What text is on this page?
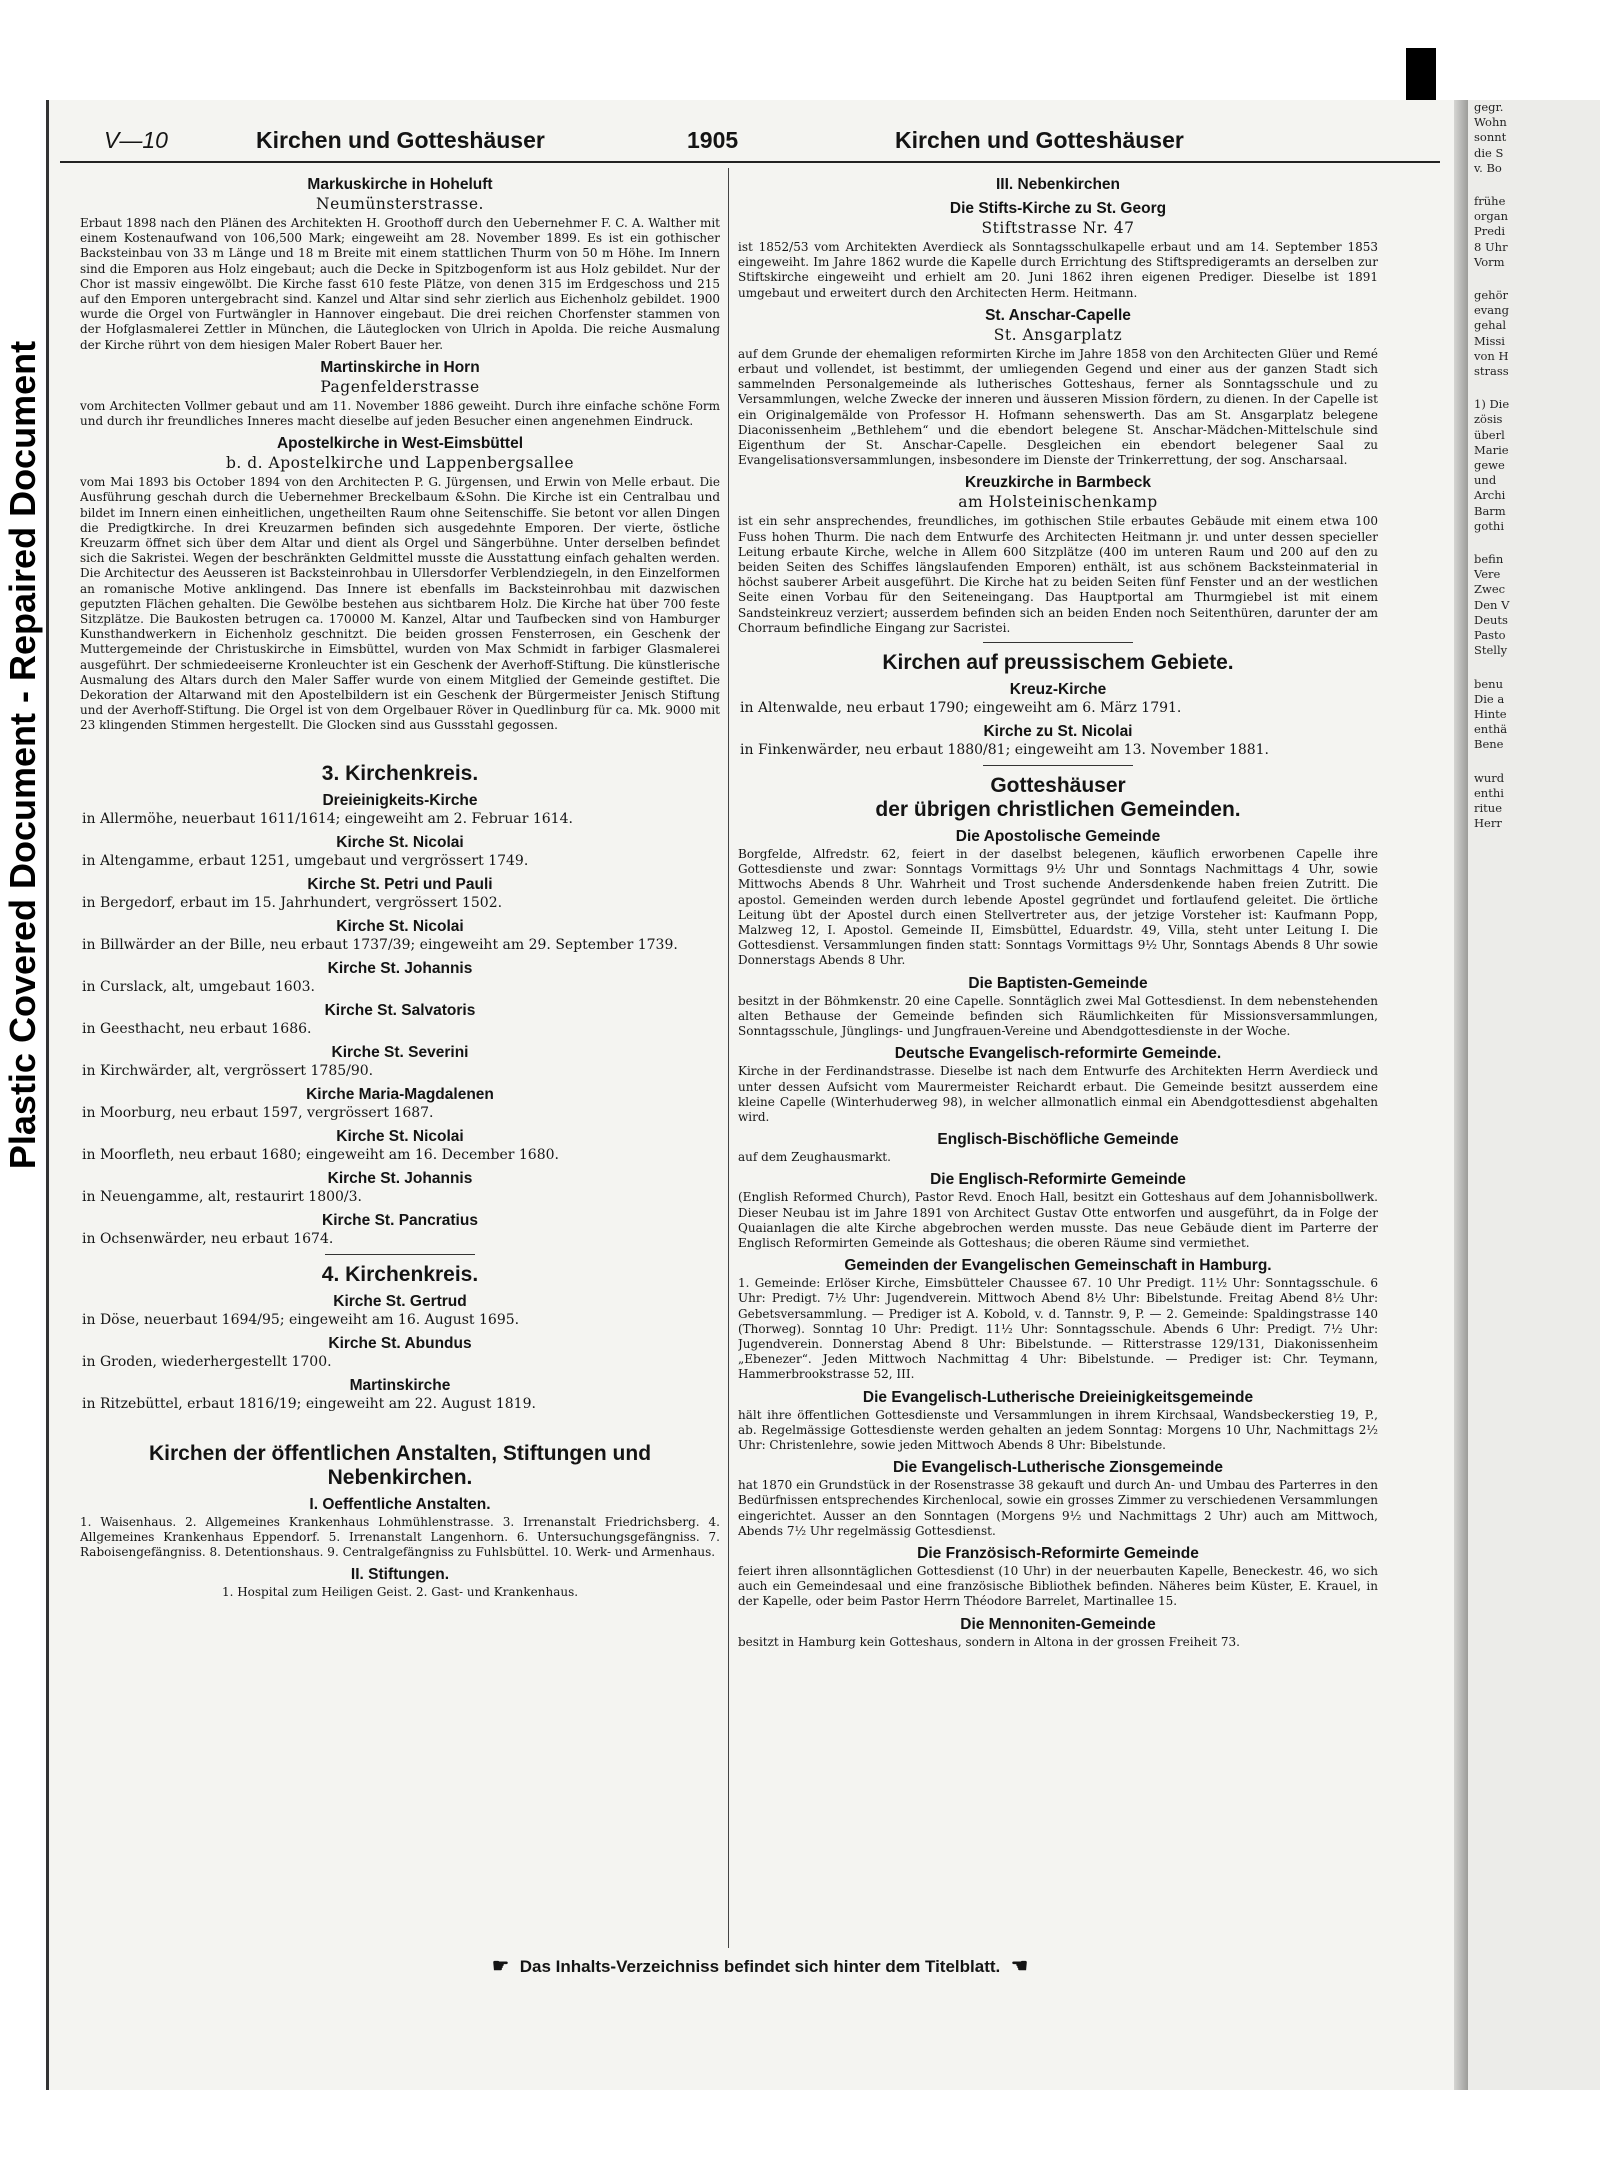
Plastic Covered Document - Repaired Document
gegr.
Wohn
sonnt
die S
v. Bo
frühe
organ
Predi
8 Uhr
Vorm
gehör
evang
gehal
Missi
von H
strass
1) Die
zösis
überl
Marie
gewe
und
Archi
Barm
gothi
befin
Vere
Zwec
Den V
Deuts
Pasto
Stelly
benu
Die a
Hinte
enthä
Bene
wurd
enthi
ritue
Herr
V—10	Kirchen und Gotteshäuser	1905	Kirchen und Gotteshäuser
Markuskirche in Hoheluft
Neumünsterstrasse.

Erbaut 1898 nach den Plänen des Architekten H. Groothoff durch den Uebernehmer F. C. A. Walther mit einem Kostenaufwand von 106,500 Mark; eingeweiht am 28. November 1899. Es ist ein gothischer Backsteinbau von 33 m Länge und 18 m Breite mit einem stattlichen Thurm von 50 m Höhe. Im Innern sind die Emporen aus Holz eingebaut; auch die Decke in Spitzbogenform ist aus Holz gebildet. Nur der Chor ist massiv eingewölbt. Die Kirche fasst 610 feste Plätze, von denen 315 im Erdgeschoss und 215 auf den Emporen untergebracht sind. Kanzel und Altar sind sehr zierlich aus Eichenholz gebildet. 1900 wurde die Orgel von Furtwängler in Hannover eingebaut. Die drei reichen Chorfenster stammen von der Hofglasmalerei Zettler in München, die Läuteglocken von Ulrich in Apolda. Die reiche Ausmalung der Kirche rührt von dem hiesigen Maler Robert Bauer her.

Martinskirche in Horn
Pagenfelderstrasse

vom Architecten Vollmer gebaut und am 11. November 1886 geweiht. Durch ihre einfache schöne Form und durch ihr freundliches Inneres macht dieselbe auf jeden Besucher einen angenehmen Eindruck.

Apostelkirche in West-Eimsbüttel
b. d. Apostelkirche und Lappenbergsallee

vom Mai 1893 bis October 1894 von den Architecten P. G. Jürgensen, und Erwin von Melle erbaut. Die Ausführung geschah durch die Uebernehmer Breckelbaum &Sohn. Die Kirche ist ein Centralbau und bildet im Innern einen einheitlichen, ungetheilten Raum ohne Seitenschiffe. Sie betont vor allen Dingen die Predigtkirche. In drei Kreuzarmen befinden sich ausgedehnte Emporen. Der vierte, östliche Kreuzarm öffnet sich über dem Altar und dient als Orgel und Sängerbühne. Unter derselben befindet sich die Sakristei. Wegen der beschränkten Geldmittel musste die Ausstattung einfach gehalten werden. Die Architectur des Aeusseren ist Backsteinrohbau in Ullersdorfer Verblendziegeln, in den Einzelformen an romanische Motive anklingend. Das Innere ist ebenfalls im Backsteinrohbau mit dazwischen geputzten Flächen gehalten. Die Gewölbe bestehen aus sichtbarem Holz. Die Kirche hat über 700 feste Sitzplätze. Die Baukosten betrugen ca. 170000 M. Kanzel, Altar und Taufbecken sind von Hamburger Kunsthandwerkern in Eichenholz geschnitzt. Die beiden grossen Fensterrosen, ein Geschenk der Muttergemeinde der Christuskirche in Eimsbüttel, wurden von Max Schmidt in farbiger Glasmalerei ausgeführt. Der schmiedeeiserne Kronleuchter ist ein Geschenk der Averhoff-Stiftung. Die künstlerische Ausmalung des Altars durch den Maler Saffer wurde von einem Mitglied der Gemeinde gestiftet. Die Dekoration der Altarwand mit den Apostelbildern ist ein Geschenk der Bürgermeister Jenisch Stiftung und der Averhoff-Stiftung. Die Orgel ist von dem Orgelbauer Röver in Quedlinburg für ca. Mk. 9000 mit 23 klingenden Stimmen hergestellt. Die Glocken sind aus Gussstahl gegossen.

3. Kirchenkreis.
Dreieinigkeits-Kirche

in Allermöhe, neuerbaut 1611/1614; eingeweiht am 2. Februar 1614.

Kirche St. Nicolai

in Altengamme, erbaut 1251, umgebaut und vergrössert 1749.

Kirche St. Petri und Pauli

in Bergedorf, erbaut im 15. Jahrhundert, vergrössert 1502.

Kirche St. Nicolai

in Billwärder an der Bille, neu erbaut 1737/39; eingeweiht am 29. September 1739.

Kirche St. Johannis

in Curslack, alt, umgebaut 1603.

Kirche St. Salvatoris

in Geesthacht, neu erbaut 1686.

Kirche St. Severini

in Kirchwärder, alt, vergrössert 1785/90.

Kirche Maria-Magdalenen

in Moorburg, neu erbaut 1597, vergrössert 1687.

Kirche St. Nicolai

in Moorfleth, neu erbaut 1680; eingeweiht am 16. December 1680.

Kirche St. Johannis

in Neuengamme, alt, restaurirt 1800/3.

Kirche St. Pancratius

in Ochsenwärder, neu erbaut 1674.

4. Kirchenkreis.
Kirche St. Gertrud

in Döse, neuerbaut 1694/95; eingeweiht am 16. August 1695.

Kirche St. Abundus

in Groden, wiederhergestellt 1700.

Martinskirche

in Ritzebüttel, erbaut 1816/19; eingeweiht am 22. August 1819.

Kirchen der öffentlichen Anstalten, Stiftungen und Nebenkirchen.
I. Oeffentliche Anstalten.

1. Waisenhaus. 2. Allgemeines Krankenhaus Lohmühlenstrasse. 3. Irrenanstalt Friedrichsberg. 4. Allgemeines Krankenhaus Eppendorf. 5. Irrenanstalt Langenhorn. 6. Untersuchungsgefängniss. 7. Raboisengefängniss. 8. Detentionshaus. 9. Centralgefängniss zu Fuhlsbüttel. 10. Werk- und Armenhaus.

II. Stiftungen.

1. Hospital zum Heiligen Geist. 2. Gast- und Krankenhaus.

III. Nebenkirchen
Die Stifts-Kirche zu St. Georg
Stiftstrasse Nr. 47

ist 1852/53 vom Architekten Averdieck als Sonntagsschulkapelle erbaut und am 14. September 1853 eingeweiht. Im Jahre 1862 wurde die Kapelle durch Errichtung des Stiftspredigeramts an derselben zur Stiftskirche eingeweiht und erhielt am 20. Juni 1862 ihren eigenen Prediger. Dieselbe ist 1891 umgebaut und erweitert durch den Architecten Herm. Heitmann.

St. Anschar-Capelle
St. Ansgarplatz

auf dem Grunde der ehemaligen reformirten Kirche im Jahre 1858 von den Architecten Glüer und Remé erbaut und vollendet, ist bestimmt, der umliegenden Gegend und einer aus der ganzen Stadt sich sammelnden Personalgemeinde als lutherisches Gotteshaus, ferner als Sonntagsschule und zu Versammlungen, welche Zwecke der inneren und äusseren Mission fördern, zu dienen. In der Capelle ist ein Originalgemälde von Professor H. Hofmann sehenswerth. Das am St. Ansgarplatz belegene Diaconissenheim „Bethlehem“ und die ebendort belegene St. Anschar-Mädchen-Mittelschule sind Eigenthum der St. Anschar-Capelle. Desgleichen ein ebendort belegener Saal zu Evangelisationsversammlungen, insbesondere im Dienste der Trinkerrettung, der sog. Anscharsaal.

Kreuzkirche in Barmbeck
am Holsteinischenkamp

ist ein sehr ansprechendes, freundliches, im gothischen Stile erbautes Gebäude mit einem etwa 100 Fuss hohen Thurm. Die nach dem Entwurfe des Architecten Heitmann jr. und unter dessen specieller Leitung erbaute Kirche, welche in Allem 600 Sitzplätze (400 im unteren Raum und 200 auf den zu beiden Seiten des Schiffes längslaufenden Emporen) enthält, ist aus schönem Backsteinmaterial in höchst sauberer Arbeit ausgeführt. Die Kirche hat zu beiden Seiten fünf Fenster und an der westlichen Seite einen Vorbau für den Seiteneingang. Das Hauptportal am Thurmgiebel ist mit einem Sandsteinkreuz verziert; ausserdem befinden sich an beiden Enden noch Seitenthüren, darunter der am Chorraum befindliche Eingang zur Sacristei.

Kirchen auf preussischem Gebiete.
Kreuz-Kirche

in Altenwalde, neu erbaut 1790; eingeweiht am 6. März 1791.

Kirche zu St. Nicolai

in Finkenwärder, neu erbaut 1880/81; eingeweiht am 13. November 1881.

Gotteshäuser
der übrigen christlichen Gemeinden.
Die Apostolische Gemeinde

Borgfelde, Alfredstr. 62, feiert in der daselbst belegenen, käuflich erworbenen Capelle ihre Gottesdienste und zwar: Sonntags Vormittags 9½ Uhr und Sonntags Nachmittags 4 Uhr, sowie Mittwochs Abends 8 Uhr. Wahrheit und Trost suchende Andersdenkende haben freien Zutritt. Die apostol. Gemeinden werden durch lebende Apostel gegründet und fortlaufend geleitet. Die örtliche Leitung übt der Apostel durch einen Stellvertreter aus, der jetzige Vorsteher ist: Kaufmann Popp, Malzweg 12, I. Apostol. Gemeinde II, Eimsbüttel, Eduardstr. 49, Villa, steht unter Leitung I. Die Gottesdienst. Versammlungen finden statt: Sonntags Vormittags 9½ Uhr, Sonntags Abends 8 Uhr sowie Donnerstags Abends 8 Uhr.

Die Baptisten-Gemeinde

besitzt in der Böhmkenstr. 20 eine Capelle. Sonntäglich zwei Mal Gottesdienst. In dem nebenstehenden alten Bethause der Gemeinde befinden sich Räumlichkeiten für Missionsversammlungen, Sonntagsschule, Jünglings- und Jungfrauen-Vereine und Abendgottesdienste in der Woche.

Deutsche Evangelisch-reformirte Gemeinde.

Kirche in der Ferdinandstrasse. Dieselbe ist nach dem Entwurfe des Architekten Herrn Averdieck und unter dessen Aufsicht vom Maurermeister Reichardt erbaut. Die Gemeinde besitzt ausserdem eine kleine Capelle (Winterhuderweg 98), in welcher allmonatlich einmal ein Abendgottesdienst abgehalten wird.

Englisch-Bischöfliche Gemeinde

auf dem Zeughausmarkt.

Die Englisch-Reformirte Gemeinde

(English Reformed Church), Pastor Revd. Enoch Hall, besitzt ein Gotteshaus auf dem Johannisbollwerk. Dieser Neubau ist im Jahre 1891 von Architect Gustav Otte entworfen und ausgeführt, da in Folge der Quaianlagen die alte Kirche abgebrochen werden musste. Das neue Gebäude dient im Parterre der Englisch Reformirten Gemeinde als Gotteshaus; die oberen Räume sind vermiethet.

Gemeinden der Evangelischen Gemeinschaft in Hamburg.

1. Gemeinde: Erlöser Kirche, Eimsbütteler Chaussee 67. 10 Uhr Predigt. 11½ Uhr: Sonntagsschule. 6 Uhr: Predigt. 7½ Uhr: Jugendverein. Mittwoch Abend 8½ Uhr: Bibelstunde. Freitag Abend 8½ Uhr: Gebetsversammlung. — Prediger ist A. Kobold, v. d. Tannstr. 9, P. — 2. Gemeinde: Spaldingstrasse 140 (Thorweg). Sonntag 10 Uhr: Predigt. 11½ Uhr: Sonntagsschule. Abends 6 Uhr: Predigt. 7½ Uhr: Jugendverein. Donnerstag Abend 8 Uhr: Bibelstunde. — Ritterstrasse 129/131, Diakonissenheim „Ebenezer“. Jeden Mittwoch Nachmittag 4 Uhr: Bibelstunde. — Prediger ist: Chr. Teymann, Hammerbrookstrasse 52, III.

Die Evangelisch-Lutherische Dreieinigkeitsgemeinde

hält ihre öffentlichen Gottesdienste und Versammlungen in ihrem Kirchsaal, Wandsbeckerstieg 19, P., ab. Regelmässige Gottesdienste werden gehalten an jedem Sonntag: Morgens 10 Uhr, Nachmittags 2½ Uhr: Christenlehre, sowie jeden Mittwoch Abends 8 Uhr: Bibelstunde.

Die Evangelisch-Lutherische Zionsgemeinde

hat 1870 ein Grundstück in der Rosenstrasse 38 gekauft und durch An- und Umbau des Parterres in den Bedürfnissen entsprechendes Kirchenlocal, sowie ein grosses Zimmer zu verschiedenen Versammlungen eingerichtet. Ausser an den Sonntagen (Morgens 9½ und Nachmittags 2 Uhr) auch am Mittwoch, Abends 7½ Uhr regelmässig Gottesdienst.

Die Französisch-Reformirte Gemeinde

feiert ihren allsonntäglichen Gottesdienst (10 Uhr) in der neuerbauten Kapelle, Beneckestr. 46, wo sich auch ein Gemeindesaal und eine französische Bibliothek befinden. Näheres beim Küster, E. Krauel, in der Kapelle, oder beim Pastor Herrn Théodore Barrelet, Martinallee 15.

Die Mennoniten-Gemeinde

besitzt in Hamburg kein Gotteshaus, sondern in Altona in der grossen Freiheit 73.

☛ Das Inhalts-Verzeichniss befindet sich hinter dem Titelblatt. ☚
